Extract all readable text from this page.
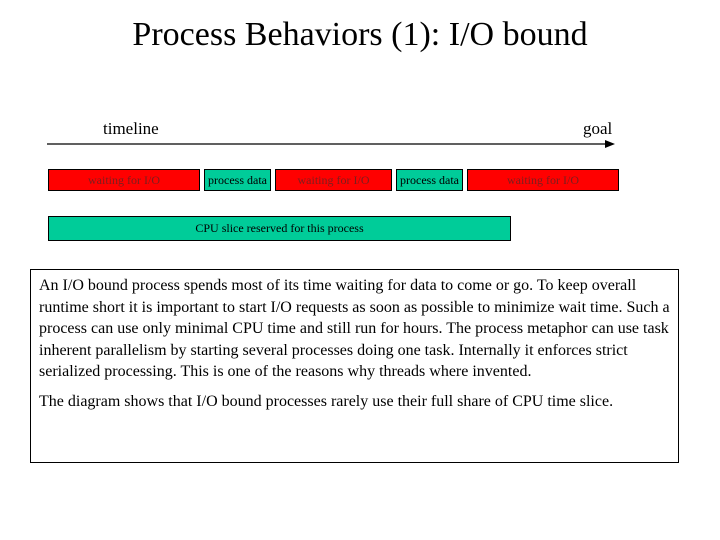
Process Behaviors (1): I/O bound
timeline	goal
waiting for I/O	process data	waiting for I/O	process data	waiting for I/O
CPU slice reserved for this process

An I/O bound process spends most of its time waiting for data to come or go. To keep overall runtime short it is important to start I/O requests as soon as possible to minimize wait time. Such a process can use only minimal CPU time and still run for hours. The process metaphor can use task inherent parallelism by starting several processes doing one task. Internally it enforces strict serialized processing. This is one of the reasons why threads where invented.

The diagram shows that I/O bound processes rarely use their full share of CPU time slice.
